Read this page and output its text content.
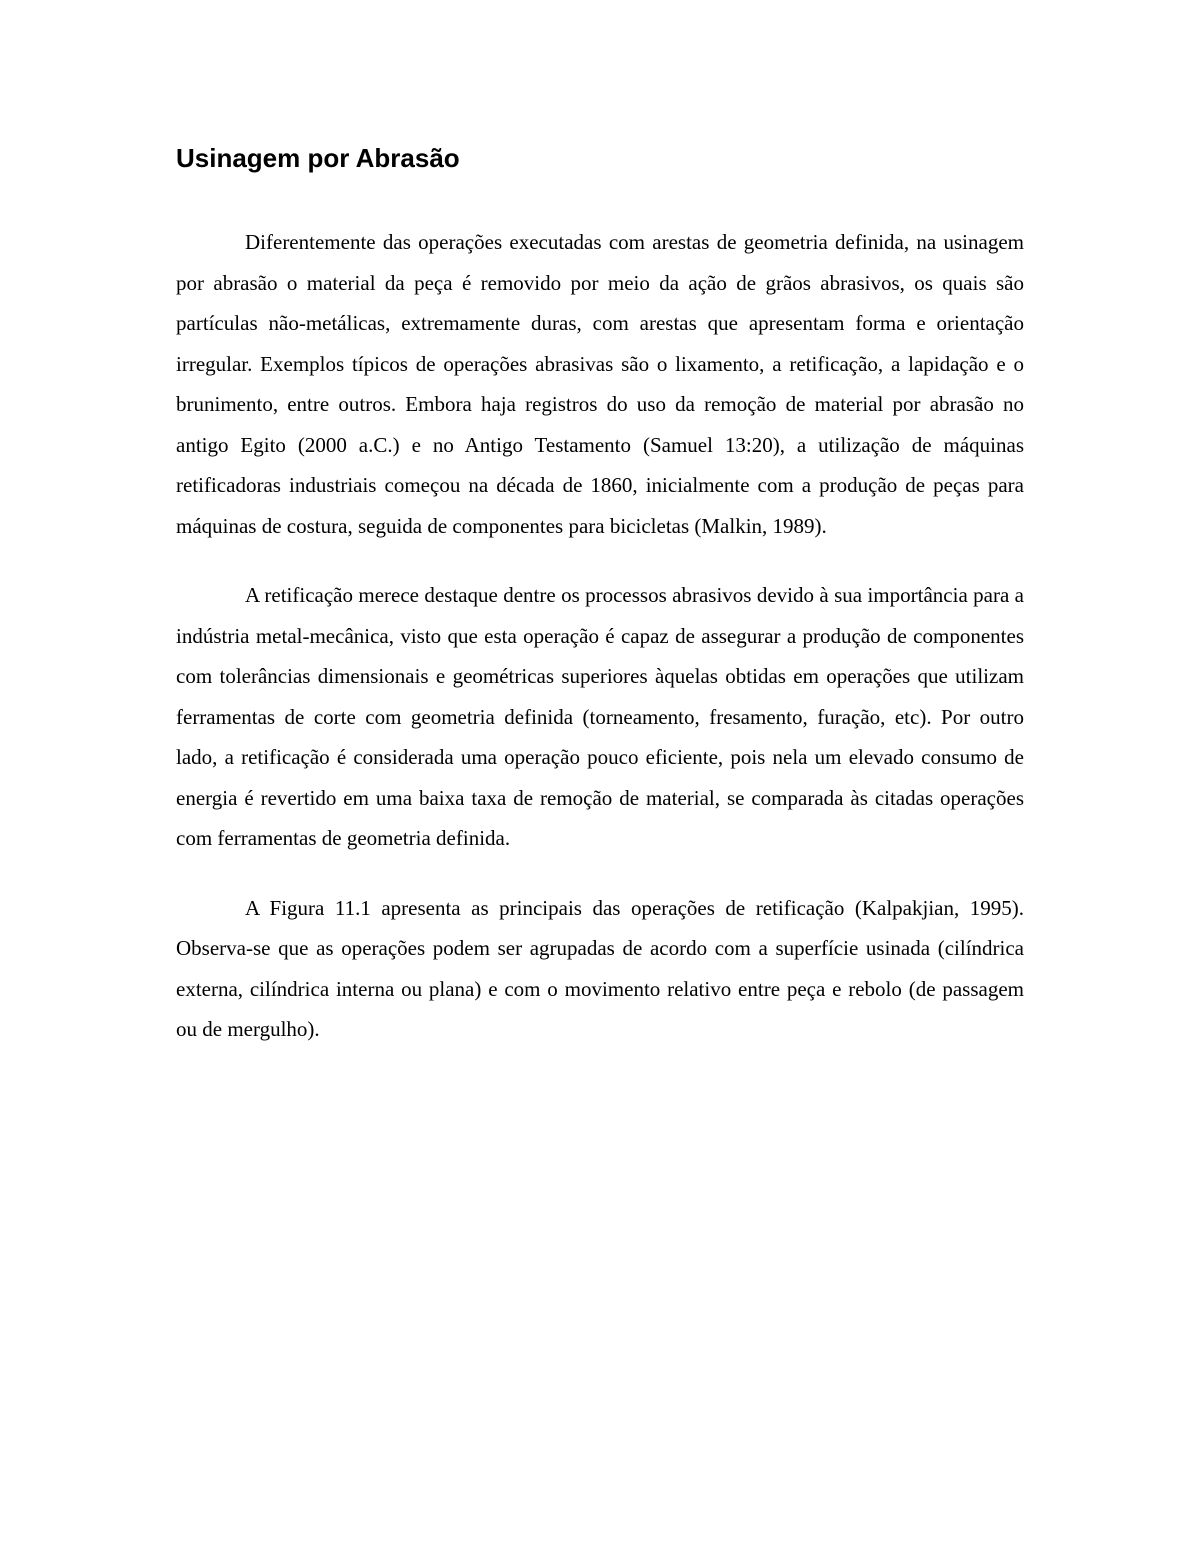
Usinagem por Abrasão

Diferentemente das operações executadas com arestas de geometria definida, na usinagem por abrasão o material da peça é removido por meio da ação de grãos abrasivos, os quais são partículas não-metálicas, extremamente duras, com arestas que apresentam forma e orientação irregular. Exemplos típicos de operações abrasivas são o lixamento, a retificação, a lapidação e o brunimento, entre outros. Embora haja registros do uso da remoção de material por abrasão no antigo Egito (2000 a.C.) e no Antigo Testamento (Samuel 13:20), a utilização de máquinas retificadoras industriais começou na década de 1860, inicialmente com a produção de peças para máquinas de costura, seguida de componentes para bicicletas (Malkin, 1989).

A retificação merece destaque dentre os processos abrasivos devido à sua importância para a indústria metal-mecânica, visto que esta operação é capaz de assegurar a produção de componentes com tolerâncias dimensionais e geométricas superiores àquelas obtidas em operações que utilizam ferramentas de corte com geometria definida (torneamento, fresamento, furação, etc). Por outro lado, a retificação é considerada uma operação pouco eficiente, pois nela um elevado consumo de energia é revertido em uma baixa taxa de remoção de material, se comparada às citadas operações com ferramentas de geometria definida.

A Figura 11.1 apresenta as principais das operações de retificação (Kalpakjian, 1995). Observa-se que as operações podem ser agrupadas de acordo com a superfície usinada (cilíndrica externa, cilíndrica interna ou plana) e com o movimento relativo entre peça e rebolo (de passagem ou de mergulho).
